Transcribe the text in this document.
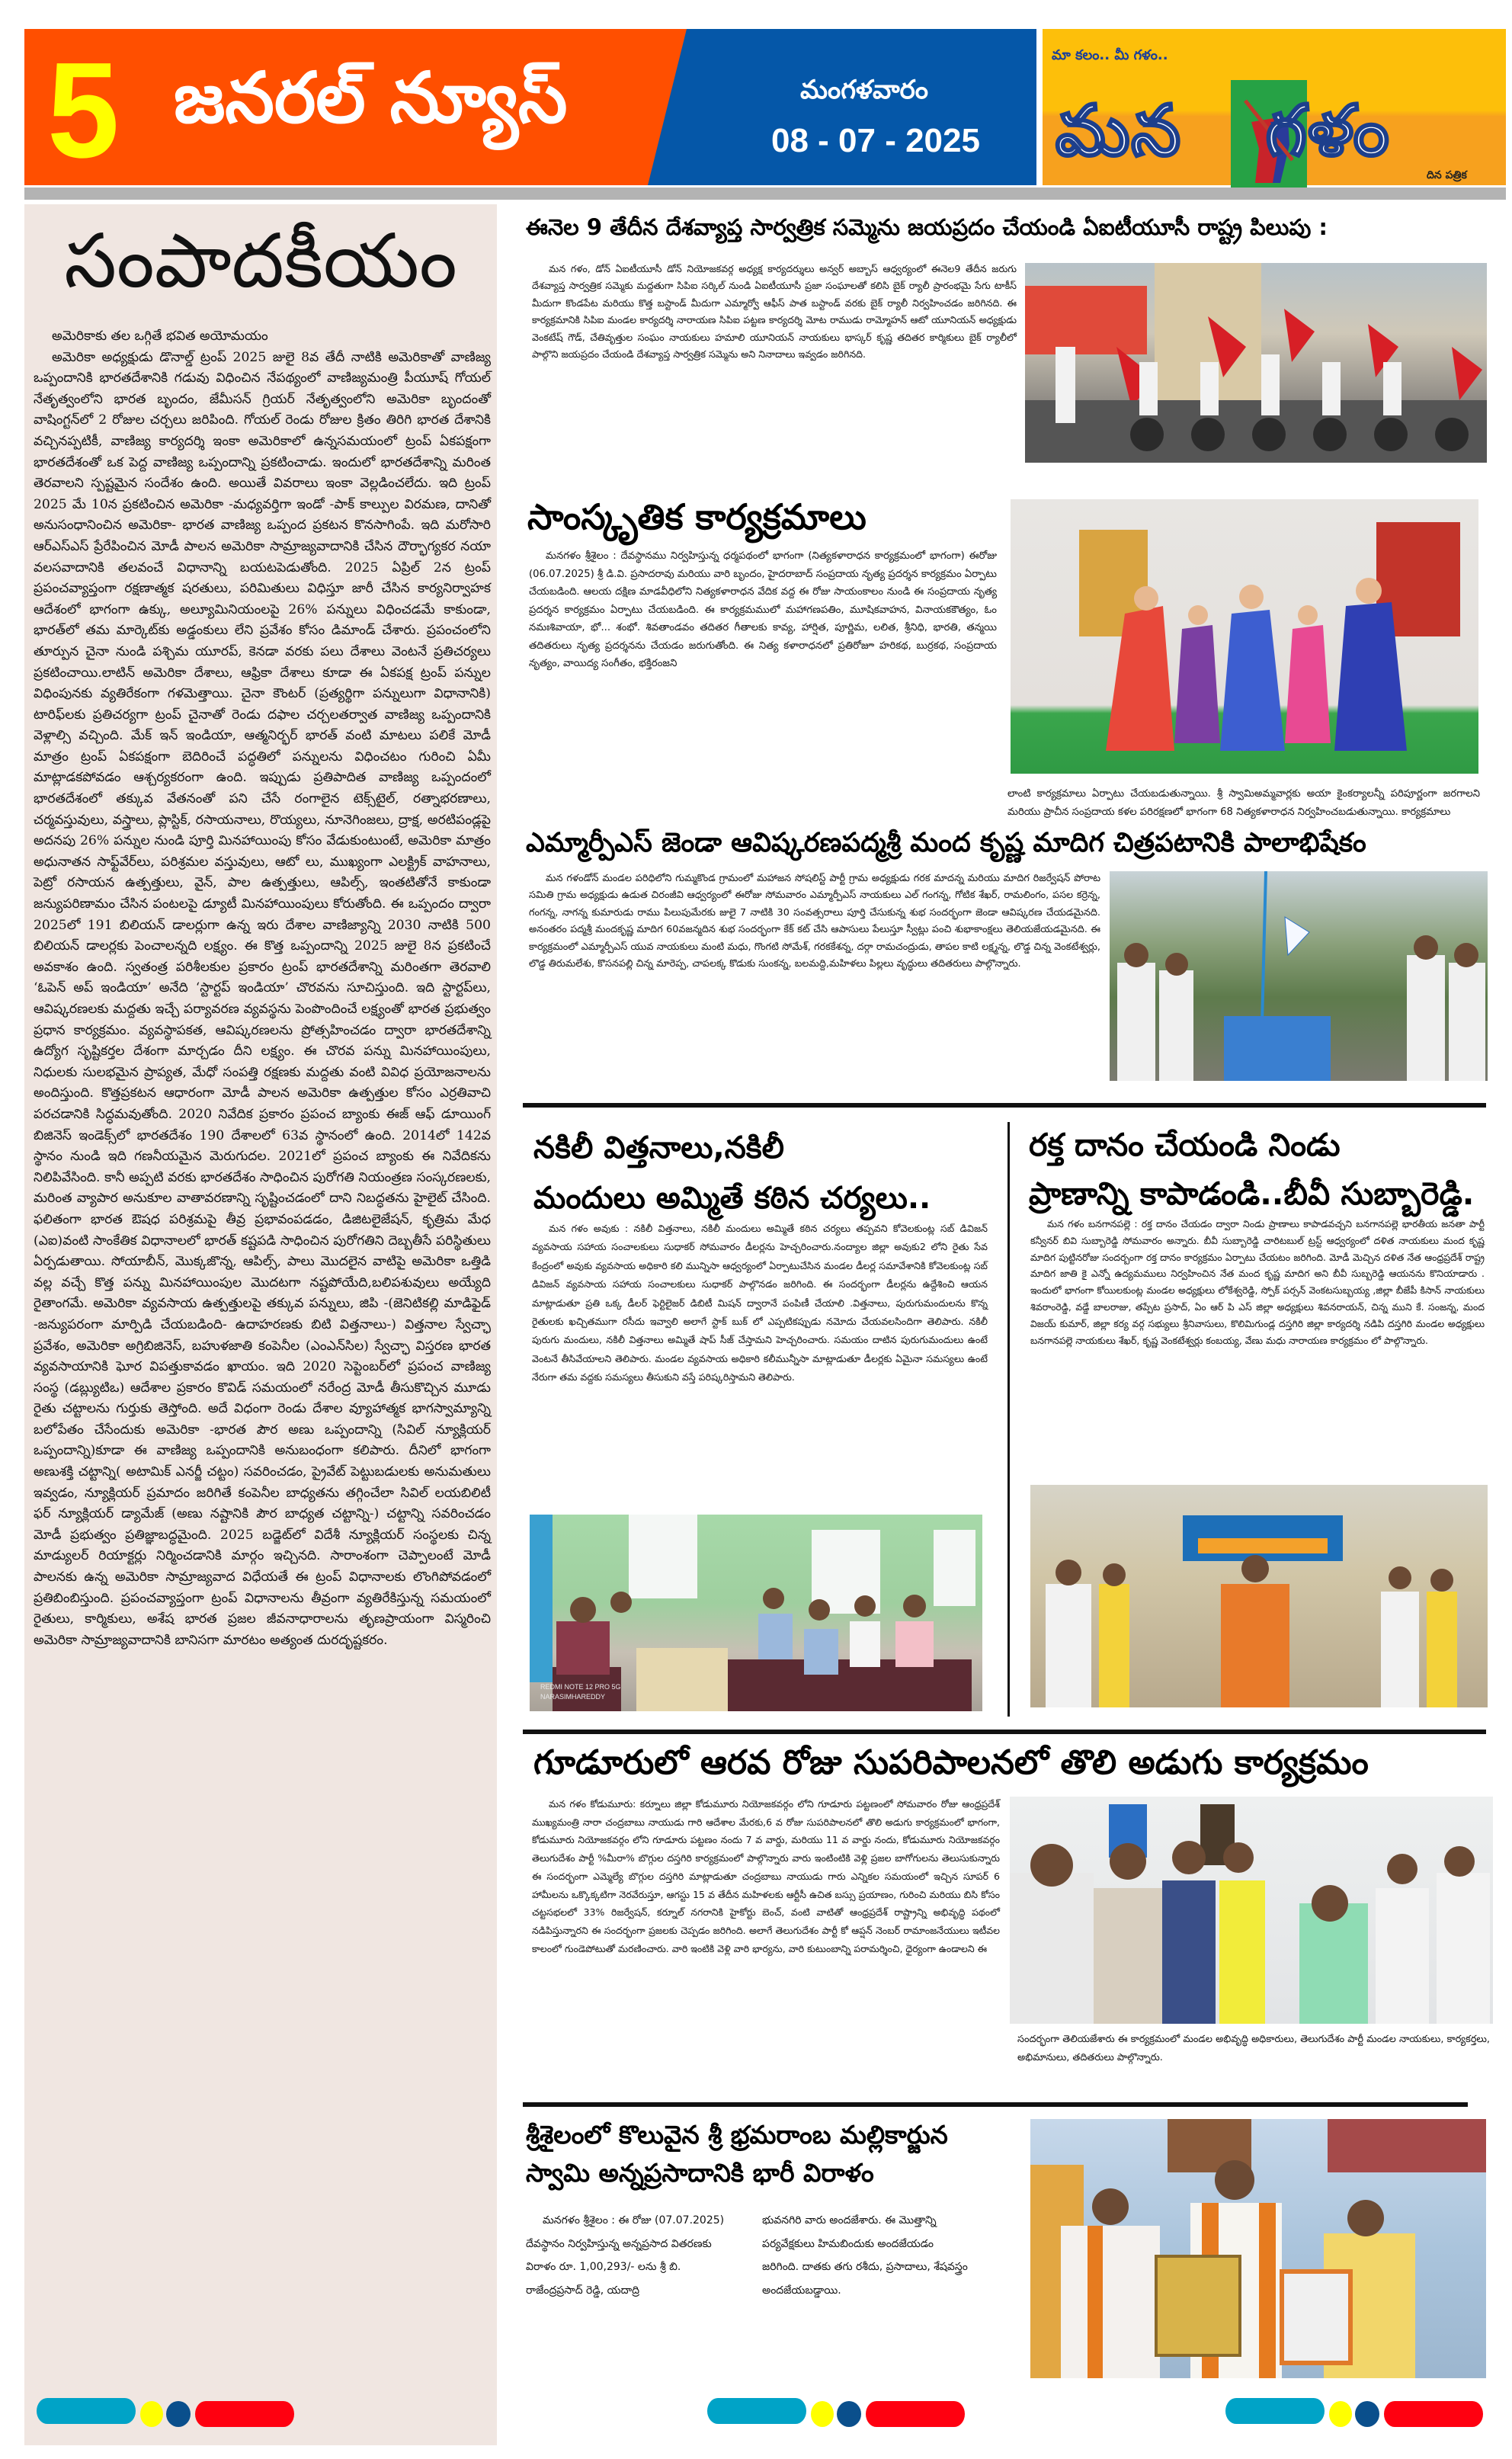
5 జనరల్ న్యూస్	మంగళవారం
08 - 07 - 2025
మా కలం.. మీ గళం..
మన గళం
దిన పత్రిక
సంపాదకీయం

అమెరికాకు తల ఒగ్గితే భవిత అయోమయం

అమెరికా అధ్యక్షుడు డొనాల్డ్ ట్రంప్ 2025 జులై 8వ తేదీ నాటికి అమెరికాతో వాణిజ్య ఒప్పందానికి భారతదేశానికి గడువు విధించిన నేపథ్యంలో వాణిజ్యమంత్రి పీయూష్ గోయల్ నేతృత్వంలోని భారత బృందం, జేమీసన్ గ్రియర్ నేతృత్వంలోని అమెరికా బృందంతో వాషింగ్టన్‌లో 2 రోజుల చర్చలు జరిపింది. గోయల్ రెండు రోజుల క్రితం తిరిగి భారత దేశానికి వచ్చినప్పటికీ, వాణిజ్య కార్యదర్శి ఇంకా అమెరికాలో ఉన్నసమయంలో ట్రంప్ ఏకపక్షంగా భారతదేశంతో ఒక పెద్ద వాణిజ్య ఒప్పందాన్ని ప్రకటించాడు. ఇందులో భారతదేశాన్ని మరింత తెరవాలని స్పష్టమైన సందేశం ఉంది. అయితే వివరాలు ఇంకా వెల్లడించలేదు. ఇది ట్రంప్ 2025 మే 10న ప్రకటించిన అమెరికా -మధ్యవర్తిగా ఇండో -పాక్ కాల్పుల విరమణ, దానితో అనుసంధానించిన అమెరికా- భారత వాణిజ్య ఒప్పంద ప్రకటన కొనసాగింపే. ఇది మరోసారి ఆర్‌ఎస్‌ఎస్ ప్రేరేపించిన మోడీ పాలన అమెరికా సామ్రాజ్యవాదానికి చేసిన దౌర్భాగ్యకర నయా వలసవాదానికి తలవంచే విధానాన్ని బయటపెడుతోంది. 2025 ఏప్రిల్ 2న ట్రంప్ ప్రపంచవ్యాప్తంగా రక్షణాత్మక షరతులు, పరిమితులు విధిస్తూ జారీ చేసిన కార్యనిర్వాహక ఆదేశంలో భాగంగా ఉక్కు, అల్యూమినియంలపై 26% పన్నులు విధించడమే కాకుండా, భారత్‌లో తమ మార్కెట్‌కు అడ్డంకులు లేని ప్రవేశం కోసం డిమాండ్ చేశారు. ప్రపంచంలోని తూర్పున చైనా నుండి పశ్చిమ యూరప్, కెనడా వరకు పలు దేశాలు వెంటనే ప్రతిచర్యలు ప్రకటించాయి.లాటిన్ అమెరికా దేశాలు, ఆఫ్రికా దేశాలు కూడా ఈ ఏకపక్ష ట్రంప్ పన్నుల విధింపునకు వ్యతిరేకంగా గళమెత్తాయి. చైనా కౌంటర్ (ప్రత్యర్థిగా పన్నులుగా విధానానికి) టారిఫ్‌లకు ప్రతిచర్యగా ట్రంప్ చైనాతో రెండు దఫాల చర్చలతర్వాత వాణిజ్య ఒప్పందానికి వెళ్లాల్సి వచ్చింది. మేక్ ఇన్ ఇండియా, ఆత్మనిర్భర్ భారత్ వంటి మాటలు పలికే మోడీ మాత్రం ట్రంప్ ఏకపక్షంగా బెదిరించే పద్ధతిలో పన్నులను విధించటం గురించి ఏమీ మాట్లాడకపోవడం ఆశ్చర్యకరంగా ఉంది. ఇప్పుడు ప్రతిపాదిత వాణిజ్య ఒప్పందంలో భారతదేశంలో తక్కువ వేతనంతో పని చేసే రంగాలైన టెక్స్‌టైల్, రత్నాభరణాలు, చర్మవస్తువులు, వస్త్రాలు, ప్లాస్టిక్, రసాయనాలు, రొయ్యలు, నూనెగింజలు, ద్రాక్ష, అరటిపండ్లపై అదనపు 26% పన్నుల నుండి పూర్తి మినహాయింపు కోసం వేడుకుంటుంటే, అమెరికా మాత్రం అధునాతన సాఫ్ట్‌వేర్‌లు, పరిశ్రమల వస్తువులు, ఆటో లు, ముఖ్యంగా ఎలక్ట్రిక్ వాహనాలు, పెట్రో రసాయన ఉత్పత్తులు, వైన్, పాల ఉత్పత్తులు, ఆపిల్స్, ఇంతటితోనే కాకుండా జన్యుపరిణామం చేసిన పంటలపై డ్యూటీ మినహాయింపులు కోరుతోంది. ఈ ఒప్పందం ద్వారా 2025లో 191 బిలియన్ డాలర్లుగా ఉన్న ఇరు దేశాల వాణిజ్యాన్ని 2030 నాటికి 500 బిలియన్ డాలర్లకు పెంచాలన్నది లక్ష్యం. ఈ కొత్త ఒప్పందాన్ని 2025 జులై 8న ప్రకటించే అవకాశం ఉంది. స్వతంత్ర పరిశీలకుల ప్రకారం ట్రంప్ భారతదేశాన్ని మరింతగా తెరవాలి ‘ఓపెన్ అప్ ఇండియా’ అనేది ‘స్టార్టప్ ఇండియా’ చొరవను సూచిస్తుంది. ఇది స్టార్టప్‌లు, ఆవిష్కరణలకు మద్దతు ఇచ్చే పర్యావరణ వ్యవస్థను పెంపొందించే లక్ష్యంతో భారత ప్రభుత్వం ప్రధాన కార్యక్రమం. వ్యవస్థాపకత, ఆవిష్కరణలను ప్రోత్సహించడం ద్వారా భారతదేశాన్ని ఉద్యోగ సృష్టికర్తల దేశంగా మార్చడం దీని లక్ష్యం. ఈ చొరవ పన్ను మినహాయింపులు, నిధులకు సులభమైన ప్రాప్యత, మేధో సంపత్తి రక్షణకు మద్దతు వంటి వివిధ ప్రయోజనాలను అందిస్తుంది. కొత్తప్రకటన ఆధారంగా మోడీ పాలన అమెరికా ఉత్పత్తుల కోసం ఎర్రతివాచి పరచడానికి సిద్ధమవుతోంది. 2020 నివేదిక ప్రకారం ప్రపంచ బ్యాంకు ఈజ్ ఆఫ్ డూయింగ్ బిజినెస్ ఇండెక్స్‌లో భారతదేశం 190 దేశాలలో 63వ స్థానంలో ఉంది. 2014లో 142వ స్థానం నుండి ఇది గణనీయమైన మెరుగుదల. 2021లో ప్రపంచ బ్యాంకు ఈ నివేదికను నిలిపివేసింది. కానీ అప్పటి వరకు భారతదేశం సాధించిన పురోగతి నియంత్రణ సంస్కరణలకు, మరింత వ్యాపార అనుకూల వాతావరణాన్ని సృష్టించడంలో దాని నిబద్ధతను హైలైట్ చేసింది. ఫలితంగా భారత ఔషధ పరిశ్రమపై తీవ్ర ప్రభావంపడడం, డిజిటలైజేషన్, కృత్రిమ మేధ (ఎఐ)వంటి సాంకేతిక విధానాలలో భారత్ కష్టపడి సాధించిన పురోగతిని దెబ్బతీసే పరిస్థితులు ఏర్పడుతాయి. సోయాబీన్, మొక్కజొన్న, ఆపిల్స్, పాలు మొదలైన వాటిపై అమెరికా ఒత్తిడి వల్ల వచ్చే కొత్త పన్ను మినహాయింపుల మొదటగా నష్టపోయేది,బలిపశువులు అయ్యేది రైతాంగమే. అమెరికా వ్యవసాయ ఉత్పత్తులపై తక్కువ పన్నులు, జిపి -(జెనిటికల్లి మాడిఫైడ్ -జన్యుపరంగా మార్పిడి చేయబడింది- ఉదాహరణకు బిటి విత్తనాలు-) విత్తనాల స్వేచ్ఛా ప్రవేశం, అమెరికా అగ్రిబిజినెస్, బహుళజాతి కంపెనీల (ఎంఎన్‌సిల) స్వేచ్ఛా విస్తరణ భారత వ్యవసాయానికి ఘోర విపత్తుకావడం ఖాయం. ఇది 2020 సెప్టెంబర్‌లో ప్రపంచ వాణిజ్య సంస్థ (డబ్ల్యుటిఒ) ఆదేశాల ప్రకారం కొవిడ్ సమయంలో నరేంద్ర మోడీ తీసుకొచ్చిన మూడు రైతు చట్టాలను గుర్తుకు తెస్తోంది. అదే విధంగా రెండు దేశాల వ్యూహాత్మక భాగస్వామ్యాన్ని బలోపేతం చేసేందుకు అమెరికా -భారత పౌర అణు ఒప్పందాన్ని (సివిల్ న్యూక్లియర్ ఒప్పందాన్ని)కూడా ఈ వాణిజ్య ఒప్పందానికి అనుబంధంగా కలిపారు. దీనిలో భాగంగా అణుశక్తి చట్టాన్ని( అటామిక్ ఎనర్జీ చట్టం) సవరించడం, ప్రైవేట్ పెట్టుబడులకు అనుమతులు ఇవ్వడం, న్యూక్లియర్ ప్రమాదం జరిగితే కంపెనీల బాధ్యతను తగ్గించేలా సివిల్ లయబిలిటీ ఫర్ న్యూక్లియర్ డ్యామేజ్ (అణు నష్టానికి పౌర బాధ్యత చట్టాన్ని-) చట్టాన్ని సవరించడం మోడీ ప్రభుత్వం ప్రతిజ్ఞాబద్ధమైంది. 2025 బడ్జెట్‌లో విదేశీ న్యూక్లియర్ సంస్థలకు చిన్న మాడ్యులర్ రియాక్టర్లు నిర్మించడానికి మార్గం ఇచ్చినది. సారాంశంగా చెప్పాలంటే మోడీ పాలనకు ఉన్న అమెరికా సామ్రాజ్యవాద విధేయతే ఈ ట్రంప్ విధానాలకు లొంగిపోవడంలో ప్రతిబింబిస్తుంది. ప్రపంచవ్యాప్తంగా ట్రంప్ విధానాలను తీవ్రంగా వ్యతిరేకిస్తున్న సమయంలో రైతులు, కార్మికులు, అశేష భారత ప్రజల జీవనాధారాలను తృణప్రాయంగా విస్మరించి అమెరికా సామ్రాజ్యవాదానికి బానిసగా మారటం అత్యంత దురదృష్టకరం.

ఈనెల 9 తేదీన దేశవ్యాప్త సార్వత్రిక సమ్మెను జయప్రదం చేయండి ఏఐటీయూసీ రాష్ట్ర పిలుపు :

మన గళం, డోన్ ఏఐటీయూసీ డోన్ నియోజకవర్గ అధ్యక్ష కార్యదర్శులు అన్వర్ అబ్బాస్ ఆధ్వర్యంలో ఈనెల9 తేదీన జరుగు దేశవ్యాప్త సార్వత్రిక సమ్మెకు మద్దతుగా సిపిఐ సర్కిల్ నుండి ఏఐటీయూసీ ప్రజా సంఘాలతో కలిసి బైక్ ర్యాలీ ప్రారంభమై సేగు టాకీస్ మీదుగా కొండపేట మరియు కొత్త బస్టాండ్ మీదుగా ఎమ్మార్వో ఆఫీస్ పాత బస్టాండ్ వరకు బైక్ ర్యాలీ నిర్వహించడం జరిగినది. ఈ కార్యక్రమానికి సిపిఐ మండల కార్యదర్శి నారాయణ సిపిఐ పట్టణ కార్యదర్శి మోట రాముడు రామ్మోహన్ ఆటో యూనియన్ అధ్యక్షుడు వెంకటేష్ గౌడ్, చేతివృత్తుల సంఘం నాయకులు హమాలి యూనియన్ నాయకులు భాస్కర్ కృష్ణ తదితర కార్మికులు బైక్ ర్యాలీలో పాల్గొని జయప్రదం చేయండి దేశవ్యాప్త సార్వత్రిక సమ్మెను అని నినాదాలు ఇవ్వడం జరిగినది.

సాంస్కృతిక కార్యక్రమాలు

మనగళం శ్రీశైలం : దేవస్థానము నిర్వహిస్తున్న ధర్మపథంలో భాగంగా (నిత్యకళారాధన కార్యక్రమంలో భాగంగా) ఈరోజు (06.07.2025) శ్రీ డి.వి. ప్రసాదరావు మరియు వారి బృందం, హైదరాబాద్ సంప్రదాయ నృత్య ప్రదర్శన కార్యక్రమం ఏర్పాటు చేయబడింది. ఆలయ దక్షిణ మాడవీధిలోని నిత్యకళారాధన వేదిక వద్ద ఈ రోజు సాయంకాలం నుండి ఈ సంప్రదాయ నృత్య ప్రదర్శన కార్యక్రమం ఏర్పాటు చేయబడింది. ఈ కార్యక్రమములో మహాగణపతిం, మూషికవాహన, వినాయకకౌత్యం, ఓం నమఃశివాయా, భో... శంభో. శివతాండవం తదితర గీతాలకు కావ్య, హార్షిత, పూర్ణిమ, లలిత, శ్రీనిధి, భారతి, తన్మయి తదితరులు నృత్య ప్రదర్శనను చేయడం జరుగుతోంది. ఈ నిత్య కళారాధనలో ప్రతిరోజూ హరికథ, బుర్రకథ, సంప్రదాయ నృత్యం, వాయిద్య సంగీతం, భక్తిరంజని

లాంటి కార్యక్రమాలు ఏర్పాటు చేయబడుతున్నాయి. శ్రీ స్వామిఅమ్మవార్లకు అయా కైంకర్యాలన్నీ పరిపూర్ణంగా జరగాలని మరియు ప్రాచీన సంప్రదాయ కళల పరిరక్షణలో భాగంగా 68 నిత్యకళారాధన నిర్వహించబడుతున్నాయి. కార్యక్రమాలు

ఎమ్మార్పీఎస్ జెండా ఆవిష్కరణపద్మశ్రీ మంద కృష్ణ మాదిగ చిత్రపటానికి పాలాభిషేకం

మన గళండోన్ మండల పరిధిలోని గుమ్మకొండ గ్రామంలో మహాజన సోషలిస్ట్ పార్టీ గ్రామ అధ్యక్షుడు గరక మాదన్న మరియు మాదిగ రిజర్వేషన్ పోరాట సమితి గ్రామ అధ్యక్షుడు ఉడుత చిరంజీవి ఆధ్వర్యంలో ఈరోజు సోమవారం ఎమ్మార్పీఎస్ నాయకులు ఎల్ గంగన్న, గోటిక శేఖర్, రామలింగం, పసల కర్రెన్న, గంగన్న, నాగన్న కుమారుడు రాము పిలుపుమేరకు జులై 7 నాటికి 30 సంవత్సరాలు పూర్తి చేసుకున్న శుభ సందర్భంగా జెండా ఆవిష్కరణ చేయడమైనది. అనంతరం పద్మశ్రీ మందకృష్ణ మాదిగ 60వజన్మదిన శుభ సందర్భంగా కేక్ కట్ చేసి ఆపాసులు పేలుస్తూ స్వీట్లు పంచి శుభాకాంక్షలు తెలియజేయడమైనది. ఈ కార్యక్రమంలో ఎమ్మార్పీఎస్ యువ నాయకులు మంటి మధు, గొంగటి సోమేశ్, గరకకేశన్న, దర్గా రామచంద్రుడు, తాపల కాటి లక్ష్మన్న, లొడ్డ చిన్న వెంకటేశ్వర్లు, లొడ్డ తిరుమలేశు, కొసనపల్లి చిన్న మారెప్ప, చాపలక్క కొడుకు సుంకన్న, బలమద్ది,మహిళలు పిల్లలు వృద్ధులు తదితరులు పాల్గొన్నారు.

నకిలీ విత్తనాలు,నకిలీ
మందులు అమ్మితే కఠిన చర్యలు..

మన గళం అవుకు : నకిలీ విత్తనాలు, నకిలీ మందులు అమ్మితే కఠిన చర్యలు తప్పవని కోవెలకుంట్ల సబ్ డివిజన్ వ్యవసాయ సహాయ సంచాలకులు సుధాకర్ సోమవారం డీలర్లను హెచ్చరించారు.నంద్యాల జిల్లా అవుకు2 లోని రైతు సేవ కేంద్రంలో అవుకు వ్యవసాయ అధికారి కలి మున్నిసా ఆధ్వర్యంలో ఏర్పాటుచేసిన మండల డీలర్ల సమావేశానికి కోవెలకుంట్ల సబ్ డివిజన్ వ్యవసాయ సహాయ సంచాలకులు సుధాకర్ పాల్గొనడం జరిగింది. ఈ సందర్భంగా డీలర్లను ఉద్దేశించి ఆయన మాట్లాడుతూ ప్రతి ఒక్క డీలర్ ఫెర్టిలైజర్ డిబిటీ మిషన్ ద్వారానే పంపిణీ చేయాలి .విత్తనాలు, పురుగుమందులను కొన్న రైతులకు ఖచ్చితముగా రసీదు ఇవ్వాలి అలాగే స్టాక్ బుక్ లో ఎప్పటికప్పుడు నమోదు చేయవలసిందిగా తెలిపారు. నకిలీ పురుగు మందులు, నకిలీ విత్తనాలు అమ్మితే షాప్ సీజ్ చేస్తామని హెచ్చరించారు. సమయం దాటిన పురుగుమందులు ఉంటే వెంటనే తీసివేయాలని తెలిపారు. మండల వ్యవసాయ అధికారి కలీమున్నీసా మాట్లాడుతూ డీలర్లకు ఏమైనా సమస్యలు ఉంటే నేరుగా తమ వద్దకు సమస్యలు తీసుకుని వస్తే పరిష్కరిస్తామని తెలిపారు.

REDMI NOTE 12 PRO 5G
NARASIMHAREDDY
రక్త దానం చేయండి నిండు
ప్రాణాన్ని కాపాడండి..బీవీ సుబ్బారెడ్డి.

మన గళం బనగానపల్లె : రక్త దానం చేయడం ద్వారా నిండు ప్రాణాలు కాపాడవచ్చని బనగానపల్లె భారతీయ జనతా పార్టీ కన్వీనర్ బివి సుబ్బారెడ్డి సోమవారం అన్నారు. బీవీ సుబ్బారెడ్డి చారిటబుల్ ట్రస్ట్ ఆధ్వర్యంలో దళిత నాయకులు మంద కృష్ణ మాదిగ పుట్టినరోజు సందర్బంగా రక్త దానం కార్యక్రమం ఏర్పాటు చేయటం జరిగింది. మోడీ మెచ్చిన దళిత నేత ఆంధ్రప్రదేశ్ రాష్ట్ర మాదిగ జాతి కై ఎన్నో ఉద్యమములు నిర్వహించిన నేత మంద కృష్ణ మాదిగ అని బీవీ సుబ్బరెడ్డి ఆయనను కొనియాడారు . ఇందులో భాగంగా కోయిలకుంట్ల మండల అధ్యక్షులు లోకేశ్వరెడ్డి, స్పోక్ పర్సన్ వెంకటసుబ్బయ్య ,జిల్లా బీజేపీ కిసాన్ నాయకులు శివరాంరెడ్డి, వడ్డే బాలరాజు, తప్పేట ప్రసాద్, ఏం ఆర్ పి ఎస్ జిల్లా అధ్యక్షులు శివనరాయన్, చిన్న ముని కే. సంజన్న, మంద విజయ్ కుమార్, జిల్లా కర్య వర్గ సభ్యులు శ్రీనివాసులు, కొలిమిగుండ్ల దస్తగిరి జిల్లా కార్యదర్శి నడిపి దస్తగిరి మండల అధ్యక్షులు బనగానపల్లె నాయకులు శేఖర్, కృష్ణ వెంకటేశ్వర్లు కంబయ్య, వేణు మధు నారాయణ కార్యక్రమం లో పాల్గొన్నారు.

గూడూరులో ఆరవ రోజు సుపరిపాలనలో తొలి అడుగు కార్యక్రమం

మన గళం కోడుమూరు: కర్నూలు జిల్లా కోడుమూరు నియోజకవర్గం లోని గూడూరు పట్టణంలో సోమవారం రోజు ఆంధ్రప్రదేశ్ ముఖ్యమంత్రి నారా చంద్రబాబు నాయుడు గారి ఆదేశాల మేరకు,6 వ రోజు సుపరిపాలనలో తొలి అడుగు కార్యక్రమంలో భాగంగా, కోడుమూరు నియోజకవర్గం లోని గూడూరు పట్టణం నందు 7 వ వార్డు, మరియు 11 వ వార్డు నందు, కోడుమూరు నియోజకవర్గం తెలుగుదేశం పార్టీ %మీరా% బొగ్గుల దస్తగిరి కార్యక్రమంలో పాల్గొన్నారు వారు ఇంటింటికి వెళ్లి ప్రజల బాగోగులను తెలుసుకున్నారు ఈ సందర్భంగా ఎమ్మెల్యే బొగ్గుల దస్తగిరి మాట్లాడుతూ చంద్రబాబు నాయుడు గారు ఎన్నికల సమయంలో ఇచ్చిన సూపర్ 6 హామీలను ఒక్కొక్కటిగా నెరవేరుస్తూ, ఆగస్టు 15 వ తేదీన మహిళలకు ఆర్టీసీ ఉచిత బస్సు ప్రయాణం, గురించి మరియు బిసి కోసం చట్టసభలలో 33% రిజర్వేషన్, కర్నూల్ నగరానికి హైకోర్టు బెంచ్, వంటి వాటితో ఆంధ్రప్రదేశ్ రాష్ట్రాన్ని అభివృద్ధి పథంలో నడిపిస్తున్నారని ఈ సందర్భంగా ప్రజలకు చెప్పడం జరిగింది. అలాగే తెలుగుదేశం పార్టీ కో ఆప్షన్ నెంబర్ రామాంజనేయులు ఇటీవల కాలంలో గుండెపోటుతో మరణించారు. వారి ఇంటికి వెళ్లి వారి భార్యను, వారి కుటుంబాన్ని పరామర్శించి, ధైర్యంగా ఉండాలని ఈ

సందర్భంగా తెలియజేశారు ఈ కార్యక్రమంలో మండల అభివృద్ధి అధికారులు, తెలుగుదేశం పార్టీ మండల నాయకులు, కార్యకర్తలు, అభిమానులు, తదితరులు పాల్గొన్నారు.

శ్రీశైలంలో కొలువైన శ్రీ భ్రమరాంబ మల్లికార్జున
స్వామి అన్నప్రసాదానికి భారీ విరాళం

మనగళం శ్రీశైలం : ఈ రోజు (07.07.2025) దేవస్థానం నిర్వహిస్తున్న అన్నప్రసాద వితరణకు విరాళం రూ. 1,00,293/- లను శ్రీ బి. రాజేంద్రప్రసాద్ రెడ్డి, యదాద్రి

భువనగిరి వారు అందజేశారు. ఈ మొత్తాన్ని పర్యవేక్షకులు హిమబిందుకు అందజేయడం జరిగింది. దాతకు తగు రశీదు, ప్రసాదాలు, శేషవస్త్రం అందజేయబడ్డాయి.
